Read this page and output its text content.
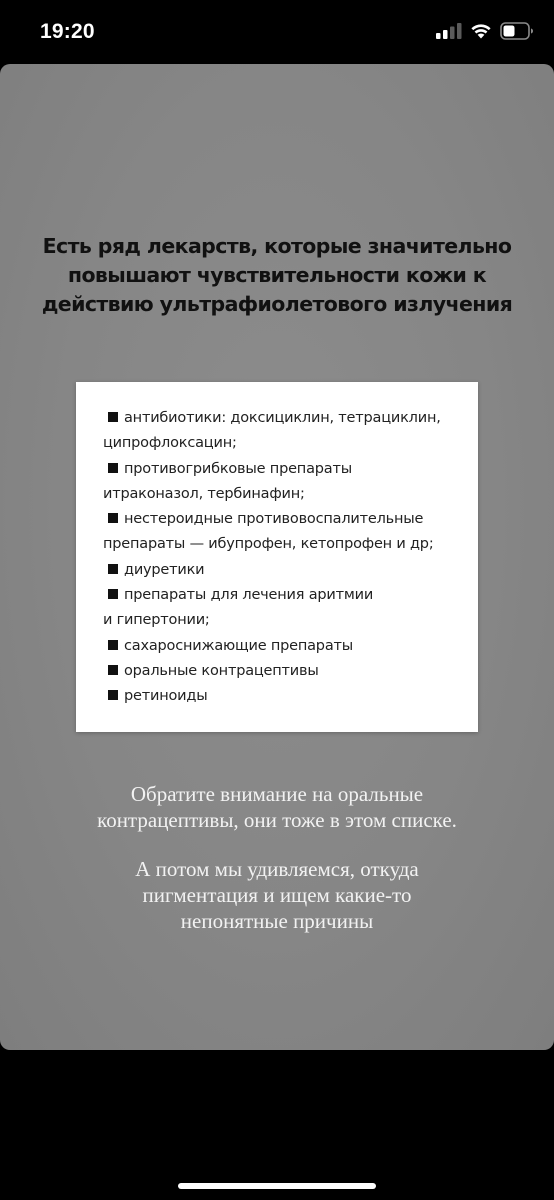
19:20
Есть ряд лекарств, которые значительно
повышают чувствительности кожи к
действию ультрафиолетового излучения
антибиотики: доксициклин, тетрациклин,
ципрофлоксацин;
противогрибковые препараты
итраконазол, тербинафин;
нестероидные противовоспалительные
препараты — ибупрофен, кетопрофен и др;
диуретики
препараты для лечения аритмии
и гипертонии;
сахароснижающие препараты
оральные контрацептивы
ретиноиды
Обратите внимание на оральные
контрацептивы, они тоже в этом списке.
А потом мы удивляемся, откуда
пигментация и ищем какие-то
непонятные причины
